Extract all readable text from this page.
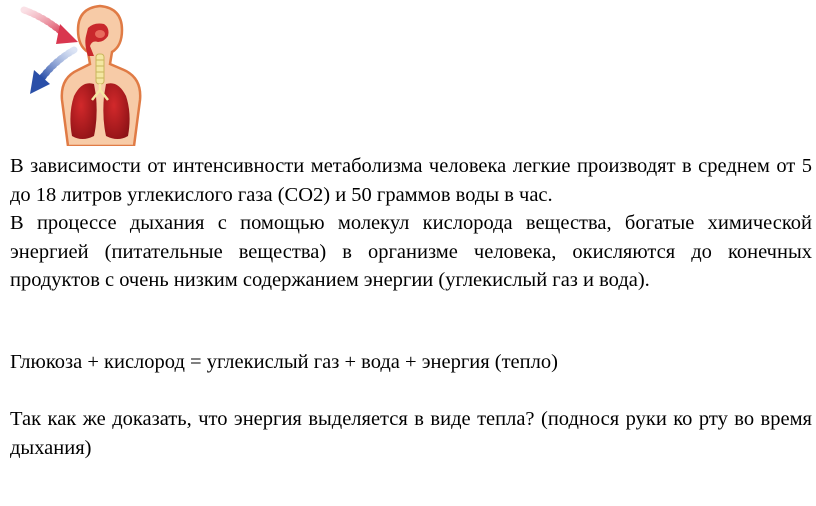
В зависимости от интенсивности метаболизма человека легкие производят в среднем от 5 до 18 литров углекислого газа (CO2) и 50 граммов воды в час.

В процессе дыхания с помощью молекул кислорода вещества, богатые химической энергией (питательные вещества) в организме человека, окисляются до конечных продуктов с очень низким содержанием энергии (углекислый газ и вода).

Глюкоза + кислород = углекислый газ + вода + энергия (тепло)

Так как же доказать, что энергия выделяется в виде тепла? (поднося руки ко рту во время дыхания)
